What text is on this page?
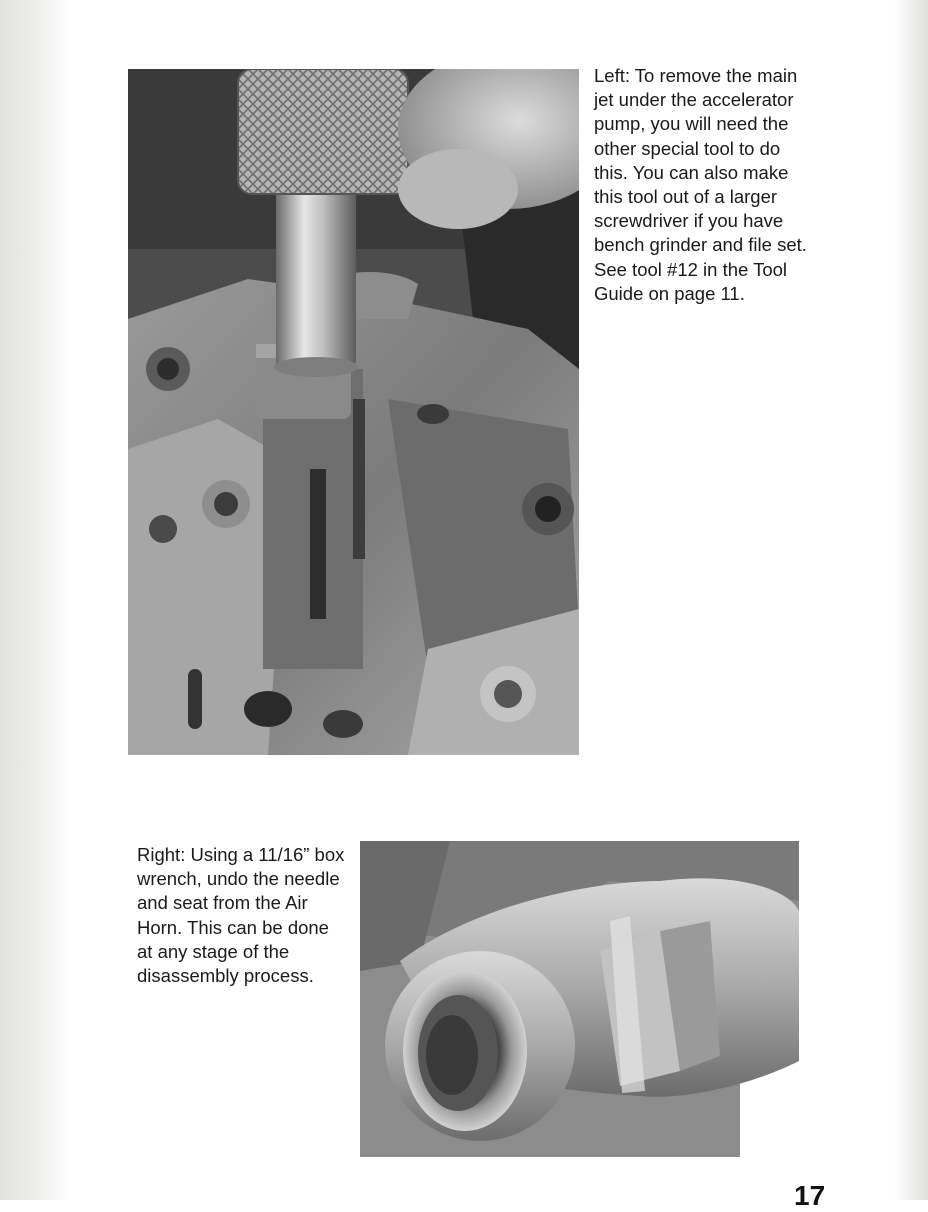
Left: To remove the main jet under the accelerator pump, you will need the other special tool to do this. You can also make this tool out of a larger screwdriver if you have bench grinder and file set. See tool #12 in the Tool Guide on page 11.

Right: Using a 11/16” box wrench, undo the needle and seat from the Air Horn. This can be done at any stage of the disassembly process.

17
